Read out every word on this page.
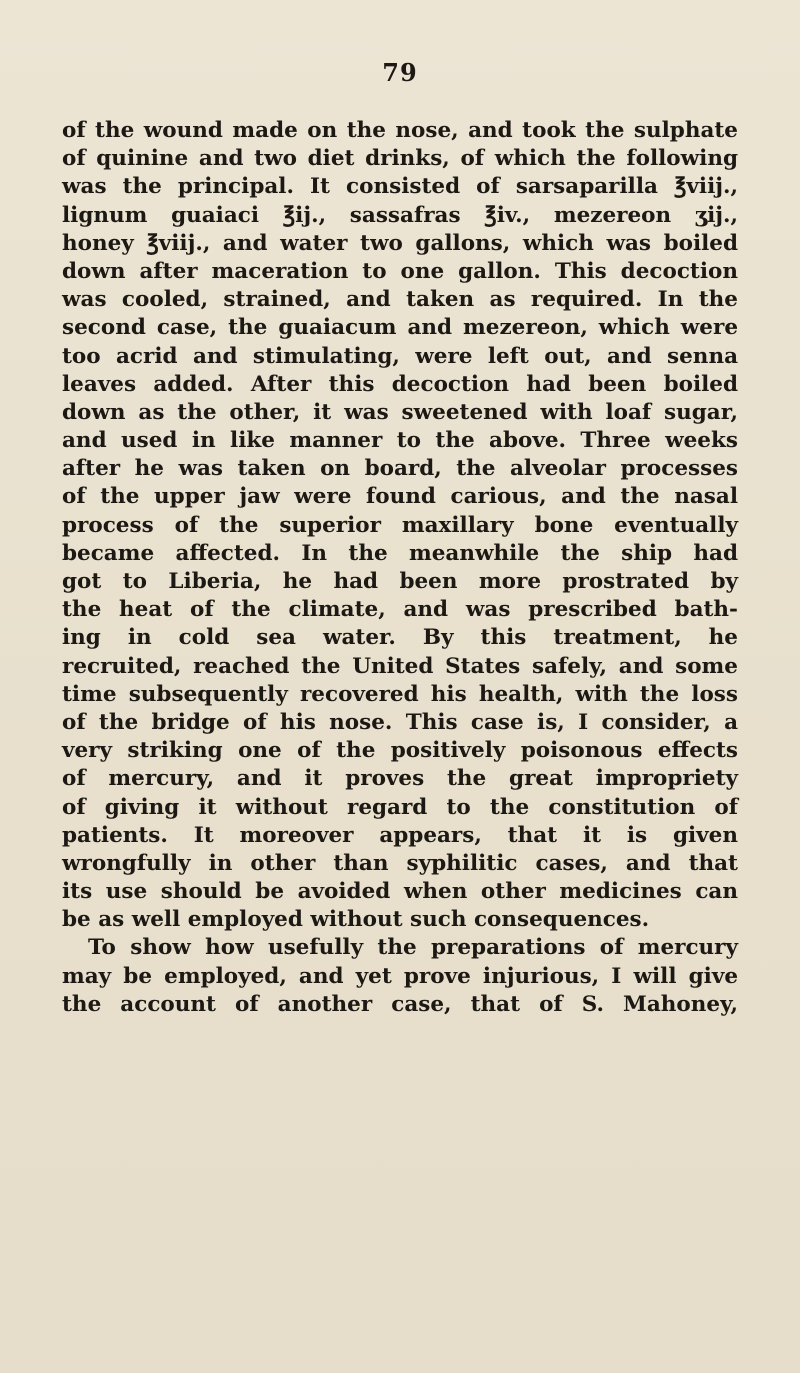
79
of the wound made on the nose, and took the sulphate
of quinine and two diet drinks, of which the following
was the principal. It consisted of sarsaparilla ℥viij.,
lignum guaiaci ℥ij., sassafras ℥iv., mezereon ʒij.,
honey ℥viij., and water two gallons, which was boiled
down after maceration to one gallon. This decoction
was cooled, strained, and taken as required. In the
second case, the guaiacum and mezereon, which were
too acrid and stimulating, were left out, and senna
leaves added. After this decoction had been boiled
down as the other, it was sweetened with loaf sugar,
and used in like manner to the above. Three weeks
after he was taken on board, the alveolar processes
of the upper jaw were found carious, and the nasal
process of the superior maxillary bone eventually
became affected. In the meanwhile the ship had
got to Liberia, he had been more prostrated by
the heat of the climate, and was prescribed bath-
ing in cold sea water. By this treatment, he
recruited, reached the United States safely, and some
time subsequently recovered his health, with the loss
of the bridge of his nose. This case is, I consider, a
very striking one of the positively poisonous effects
of mercury, and it proves the great impropriety
of giving it without regard to the constitution of
patients. It moreover appears, that it is given
wrongfully in other than syphilitic cases, and that
its use should be avoided when other medicines can
be as well employed without such consequences.
To show how usefully the preparations of mercury
may be employed, and yet prove injurious, I will give
the account of another case, that of S. Mahoney,
